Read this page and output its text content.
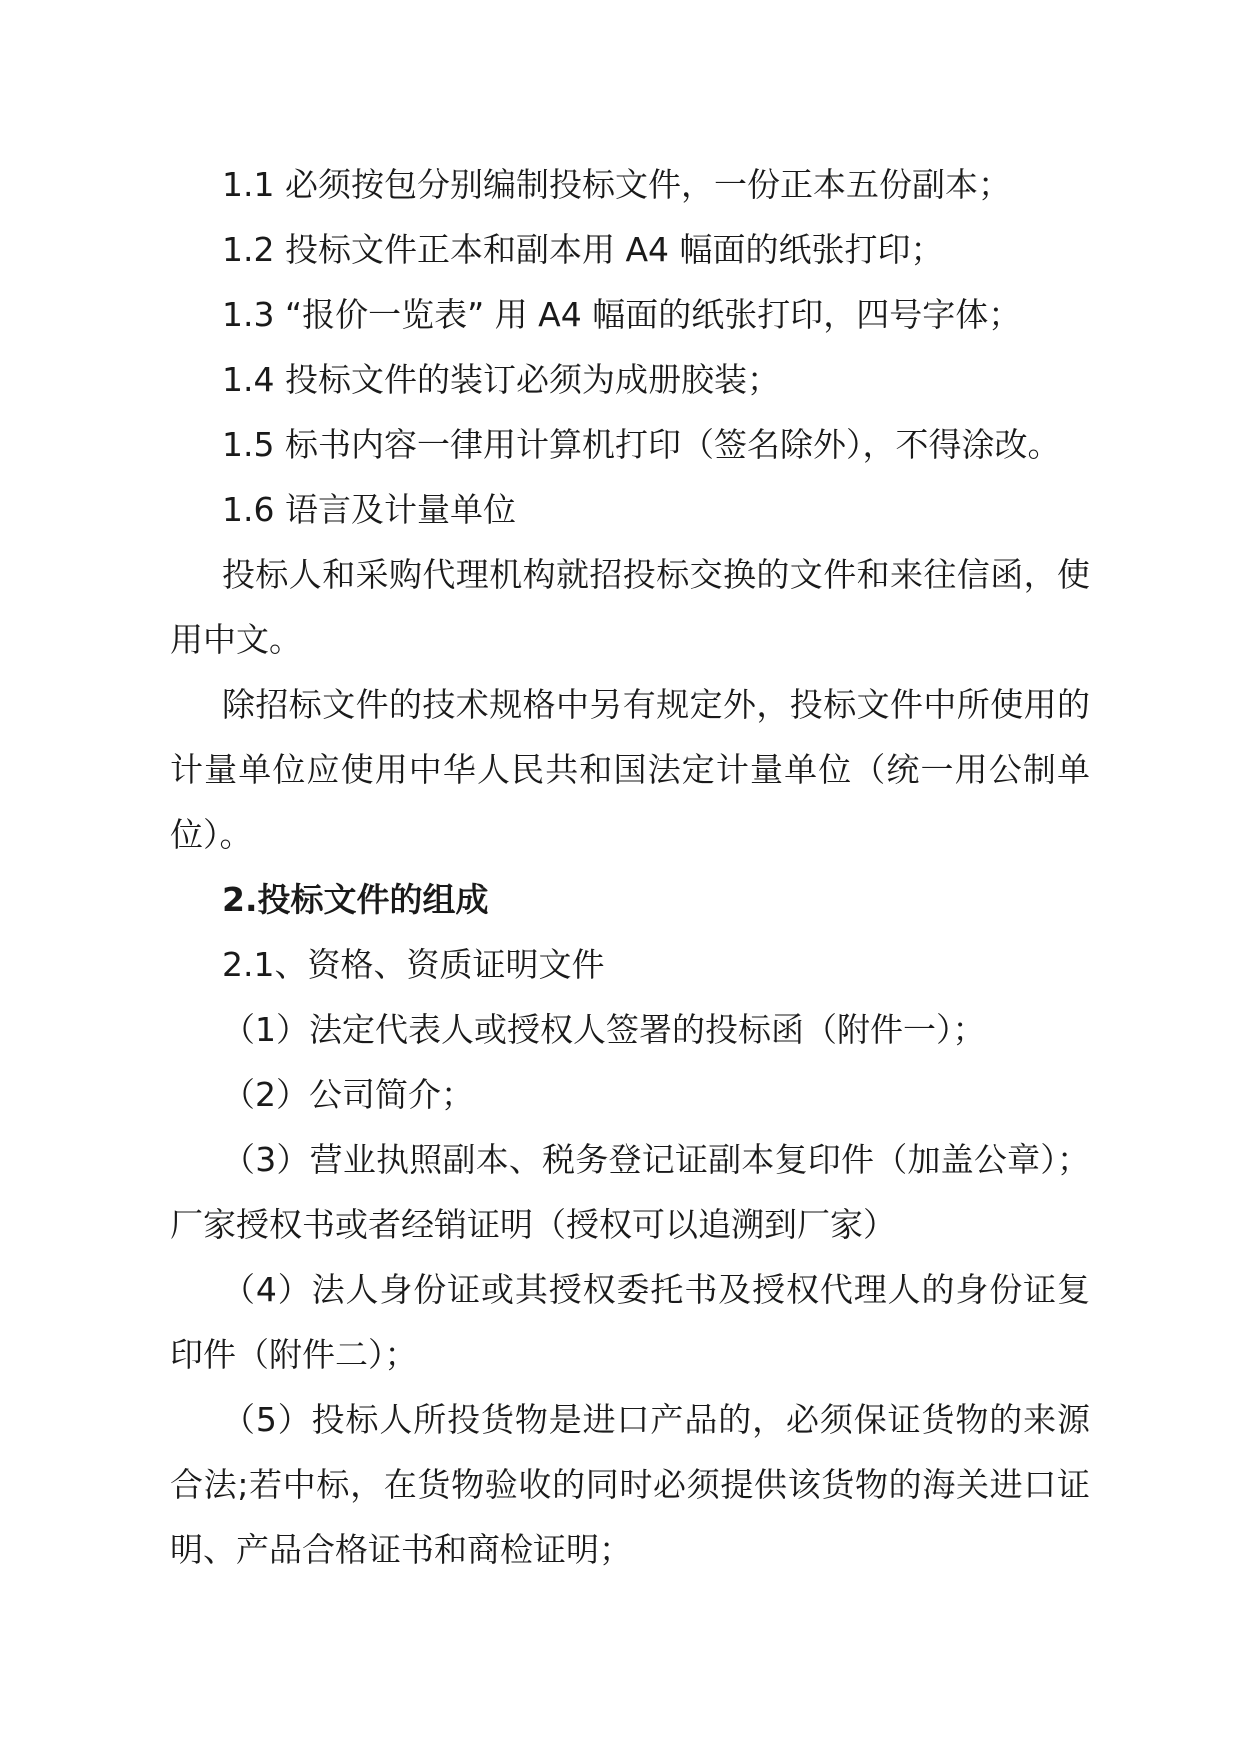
1.1 必须按包分别编制投标文件，一份正本五份副本；

1.2 投标文件正本和副本用 A4 幅面的纸张打印；

1.3 “报价一览表” 用 A4 幅面的纸张打印，四号字体；

1.4 投标文件的装订必须为成册胶装；

1.5 标书内容一律用计算机打印（签名除外），不得涂改。

1.6 语言及计量单位

投标人和采购代理机构就招投标交换的文件和来往信函，使用中文。

除招标文件的技术规格中另有规定外，投标文件中所使用的计量单位应使用中华人民共和国法定计量单位（统一用公制单位）。

2.投标文件的组成

2.1、资格、资质证明文件

（1）法定代表人或授权人签署的投标函（附件一）；

（2）公司简介；

（3）营业执照副本、税务登记证副本复印件（加盖公章）；厂家授权书或者经销证明（授权可以追溯到厂家）

（4）法人身份证或其授权委托书及授权代理人的身份证复印件（附件二）；

（5）投标人所投货物是进口产品的，必须保证货物的来源合法;若中标，在货物验收的同时必须提供该货物的海关进口证明、产品合格证书和商检证明；
